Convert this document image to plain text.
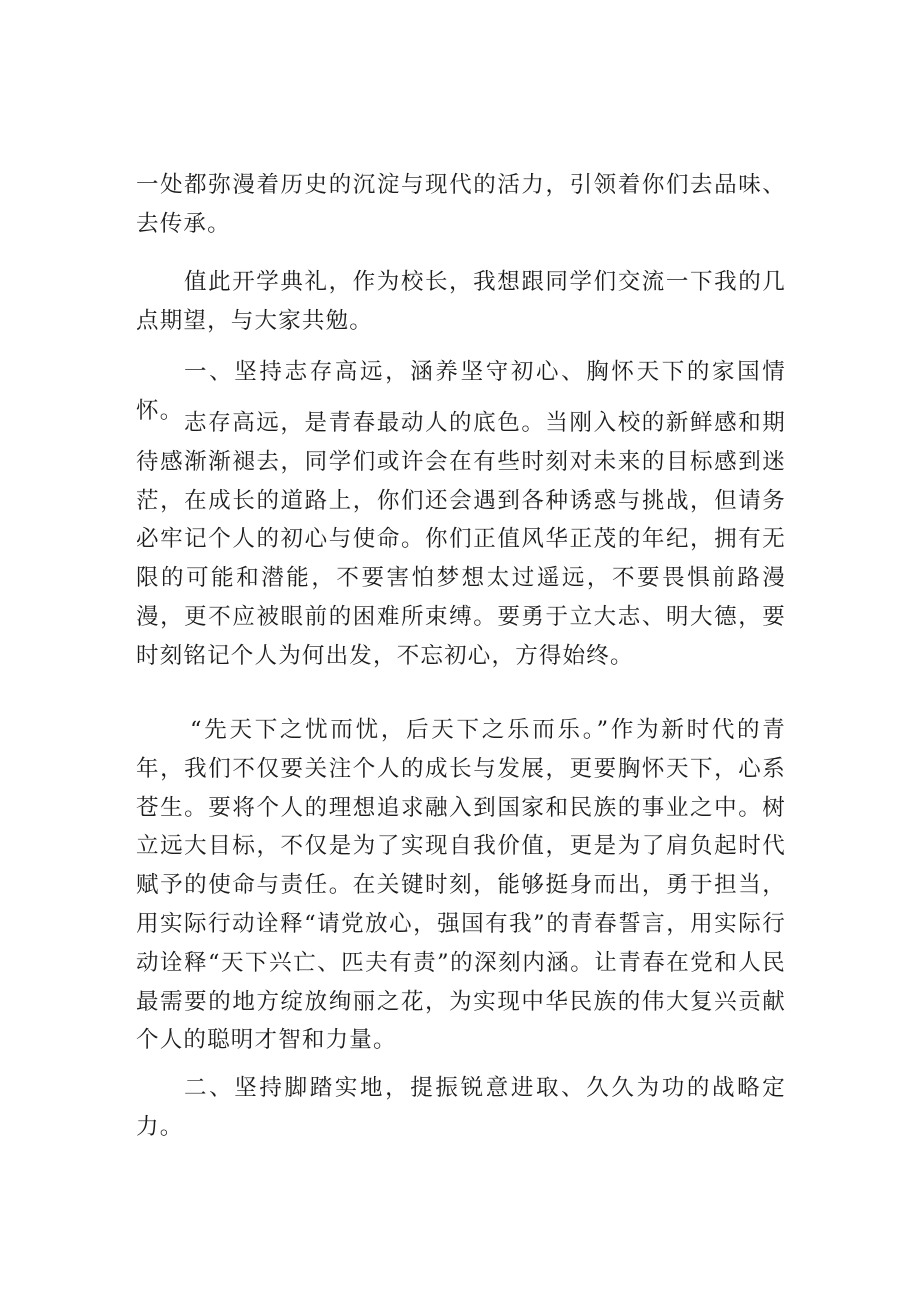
一处都弥漫着历史的沉淀与现代的活力，引领着你们去品味、去传承。

值此开学典礼，作为校长，我想跟同学们交流一下我的几点期望，与大家共勉。

一、坚持志存高远，涵养坚守初心、胸怀天下的家国情怀。 志存高远，是青春最动人的底色。当刚入校的新鲜感和期待感渐渐褪去，同学们或许会在有些时刻对未来的目标感到迷茫，在成长的道路上，你们还会遇到各种诱惑与挑战，但请务必牢记个人的初心与使命。你们正值风华正茂的年纪，拥有无限的可能和潜能，不要害怕梦想太过遥远，不要畏惧前路漫漫，更不应被眼前的困难所束缚。要勇于立大志、明大德，要时刻铭记个人为何出发，不忘初心，方得始终。

“先天下之忧而忧，后天下之乐而乐。”作为新时代的青年，我们不仅要关注个人的成长与发展，更要胸怀天下，心系苍生。要将个人的理想追求融入到国家和民族的事业之中。树立远大目标，不仅是为了实现自我价值，更是为了肩负起时代赋予的使命与责任。在关键时刻，能够挺身而出，勇于担当，用实际行动诠释“请党放心，强国有我”的青春誓言，用实际行动诠释“天下兴亡、匹夫有责”的深刻内涵。让青春在党和人民最需要的地方绽放绚丽之花，为实现中华民族的伟大复兴贡献个人的聪明才智和力量。

二、坚持脚踏实地，提振锐意进取、久久为功的战略定力。
